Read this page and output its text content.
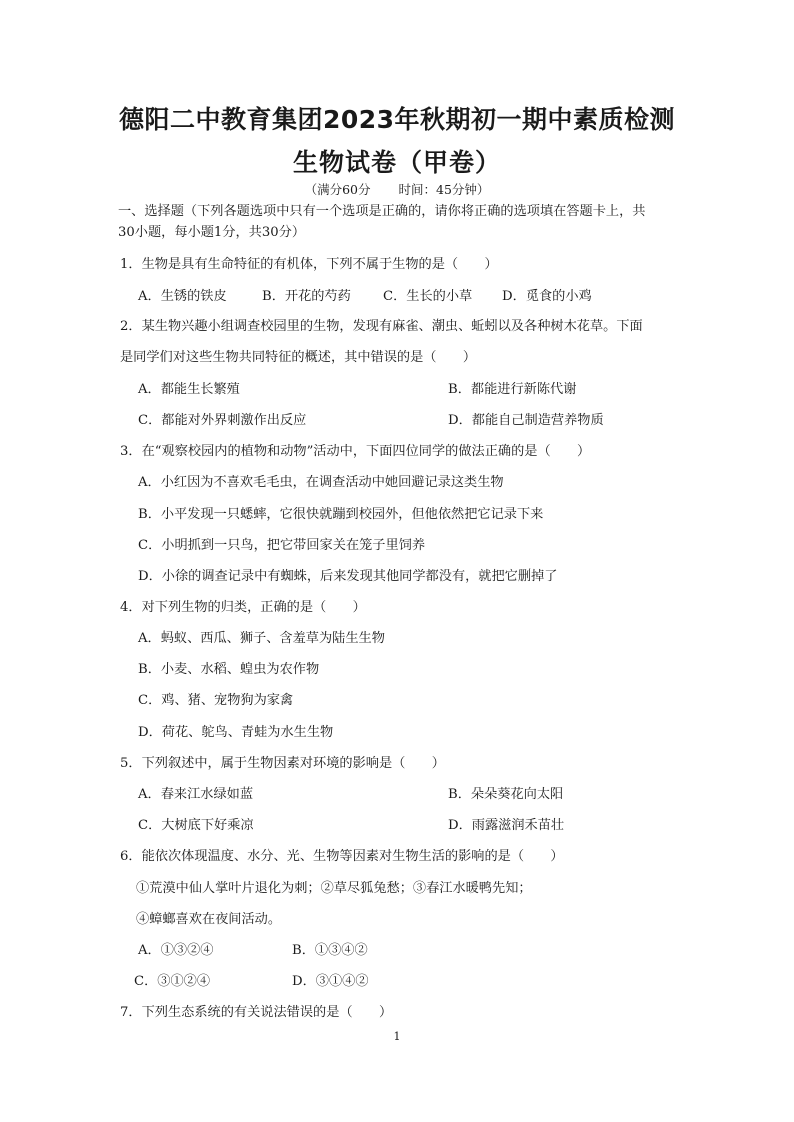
德阳二中教育集团2023年秋期初一期中素质检测
生物试卷（甲卷）
（满分60分 时间：45分钟）
一、选择题（下列各题选项中只有一个选项是正确的，请你将正确的选项填在答题卡上，共
30小题，每小题1分，共30分）
1．生物是具有生命特征的有机体，下列不属于生物的是（　　）
A．生锈的铁皮	B．开花的芍药 C．生长的小草 D．觅食的小鸡
2．某生物兴趣小组调查校园里的生物，发现有麻雀、潮虫、蚯蚓以及各种树木花草。下面
是同学们对这些生物共同特征的概述，其中错误的是（　　）
A．都能生长繁殖	B．都能进行新陈代谢
C．都能对外界刺激作出反应	D．都能自己制造营养物质
3．在“观察校园内的植物和动物”活动中，下面四位同学的做法正确的是（　　）
A．小红因为不喜欢毛毛虫，在调查活动中她回避记录这类生物
B．小平发现一只蟋蟀，它很快就蹦到校园外，但他依然把它记录下来
C．小明抓到一只鸟，把它带回家关在笼子里饲养
D．小徐的调查记录中有蜘蛛，后来发现其他同学都没有，就把它删掉了
4．对下列生物的归类，正确的是（　　）
A．蚂蚁、西瓜、狮子、含羞草为陆生生物
B．小麦、水稻、蝗虫为农作物
C．鸡、猪、宠物狗为家禽
D．荷花、鸵鸟、青蛙为水生生物
5．下列叙述中，属于生物因素对环境的影响是（　　）
A．春来江水绿如蓝	B．朵朵葵花向太阳
C．大树底下好乘凉	D．雨露滋润禾苗壮
6．能依次体现温度、水分、光、生物等因素对生物生活的影响的是（　　）
①荒漠中仙人掌叶片退化为刺；②草尽狐兔愁；③春江水暖鸭先知；
④蟑螂喜欢在夜间活动。
A．①③②④	B．①③④②
C．③①②④	D．③①④②
7．下列生态系统的有关说法错误的是（　　）
1
